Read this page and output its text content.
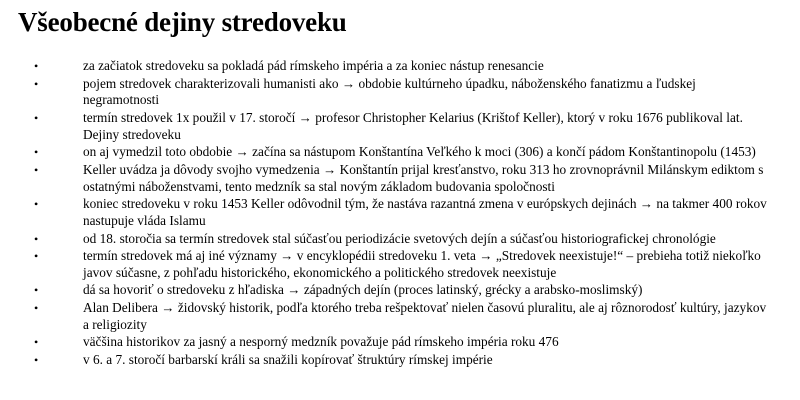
Všeobecné dejiny stredoveku
•	za začiatok stredoveku sa pokladá pád rímskeho impéria a za koniec nástup renesancie
•	pojem stredovek charakterizovali humanisti ako → obdobie kultúrneho úpadku, náboženského fanatizmu a ľudskej negramotnosti
•	termín stredovek 1x použil v 17. storočí → profesor Christopher Kelarius (Krištof Keller), ktorý v roku 1676 publikoval lat. Dejiny stredoveku
•	on aj vymedzil toto obdobie → začína sa nástupom Konštantína Veľkého k moci (306) a končí pádom Konštantinopolu (1453)
•	Keller uvádza ja dôvody svojho vymedzenia → Konštantín prijal kresťanstvo, roku 313 ho zrovnoprávnil Milánskym ediktom s ostatnými náboženstvami, tento medzník sa stal novým základom budovania spoločnosti
•	koniec stredoveku v roku 1453 Keller odôvodnil tým, že nastáva razantná zmena v európskych dejinách → na takmer 400 rokov nastupuje vláda Islamu
•	od 18. storočia sa termín stredovek stal súčasťou periodizácie svetových dejín a súčasťou historiografickej chronológie
•	termín stredovek má aj iné významy → v encyklopédii stredoveku 1. veta → „Stredovek neexistuje!“ – prebieha totiž niekoľko javov súčasne, z pohľadu historického, ekonomického a politického stredovek neexistuje
•	dá sa hovoriť o stredoveku z hľadiska → západných dejín (proces latinský, grécky a arabsko-moslimský)
•	Alan Delibera → židovský historik, podľa ktorého treba rešpektovať nielen časovú pluralitu, ale aj rôznorodosť kultúry, jazykov a religiozity
•	väčšina historikov za jasný a nesporný medzník považuje pád rímskeho impéria roku 476
•	v 6. a 7. storočí barbarskí králi sa snažili kopírovať štruktúry rímskej impérie
